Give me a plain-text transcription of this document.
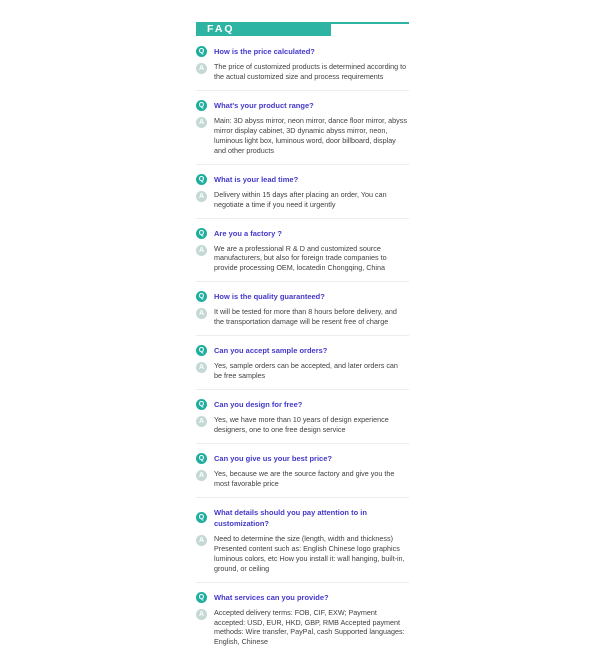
FAQ
Q	How is the price calculated?
A	The price of customized products is determined according to the actual customized size and process requirements
Q	What's your product range?
A	Main: 3D abyss mirror, neon mirror, dance floor mirror, abyss mirror display cabinet, 3D dynamic abyss mirror, neon, luminous light box, luminous word, door billboard, display and other products
Q	What is your lead time?
A	Delivery within 15 days after placing an order, You can negotiate a time if you need it urgently
Q	Are you a factory ?
A	We are a professional R & D and customized source manufacturers, but also for foreign trade companies to provide processing OEM, locatedin Chongqing, China
Q	How is the quality guaranteed?
A	It will be tested for more than 8 hours before delivery, and the transportation damage will be resent free of charge
Q	Can you accept sample orders?
A	Yes, sample orders can be accepted, and later orders can be free samples
Q	Can you design for free?
A	Yes, we have more than 10 years of design experience designers, one to one free design service
Q	Can you give us your best price?
A	Yes, because we are the source factory and give you the most favorable price
Q
What details should you pay attention to in customization?
A	Need to determine the size (length, width and thickness) Presented content such as: English Chinese logo graphics luminous colors, etc How you install it: wall hanging, built-in, ground, or ceiling
Q	What services can you provide?
A	Accepted delivery terms: FOB, CIF, EXW; Payment accepted: USD, EUR, HKD, GBP, RMB Accepted payment methods: Wire transfer, PayPal, cash Supported languages: English, Chinese
